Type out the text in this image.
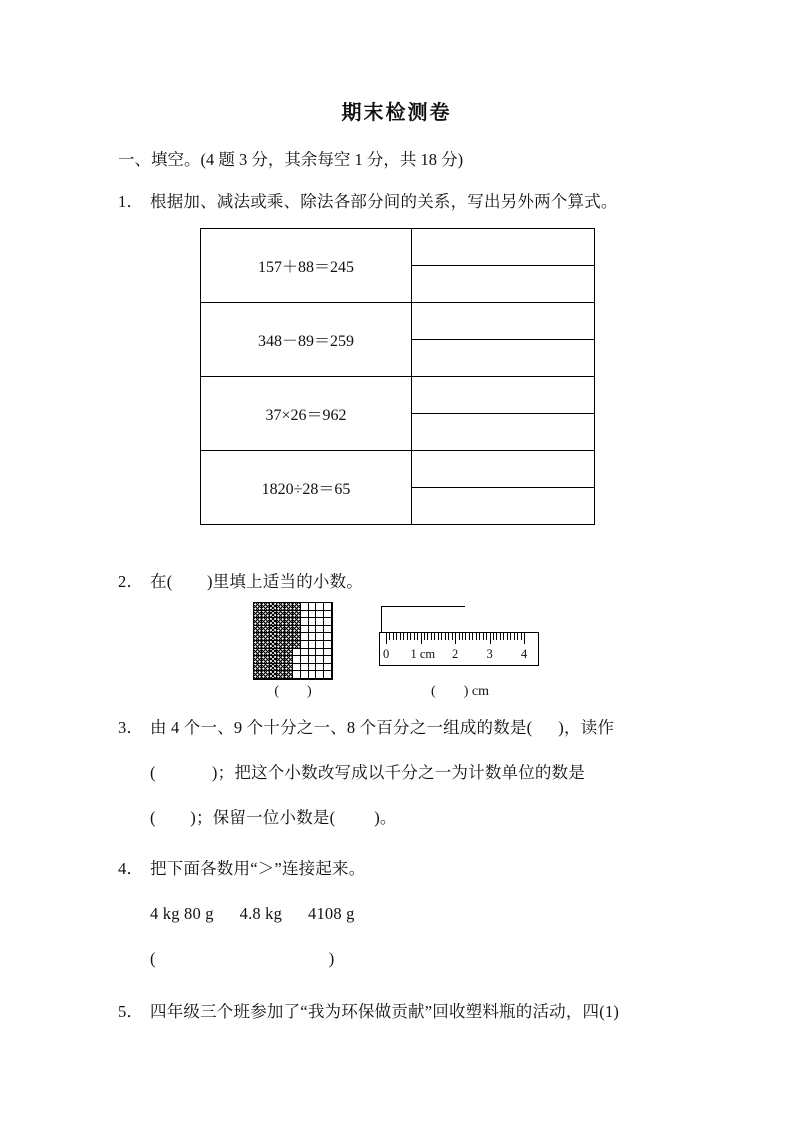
期末检测卷
一、填空。(4 题 3 分，其余每空 1 分，共 18 分)
1． 根据加、减法或乘、除法各部分间的关系，写出另外两个算式。
157＋88＝245	

348－89＝259	

37×26＝962	

1820÷28＝65	

2． 在(        )里填上适当的小数。
(        )
0 1 cm 2 3 4
(        ) cm
3． 由 4 个一、9 个十分之一、8 个百分之一组成的数是(      )，读作
(             )；把这个小数改写成以千分之一为计数单位的数是
(        )；保留一位小数是(         )。
4． 把下面各数用“＞”连接起来。
4 kg 80 g      4.8 kg      4108 g
(                                        )
5． 四年级三个班参加了“我为环保做贡献”回收塑料瓶的活动，四(1)
